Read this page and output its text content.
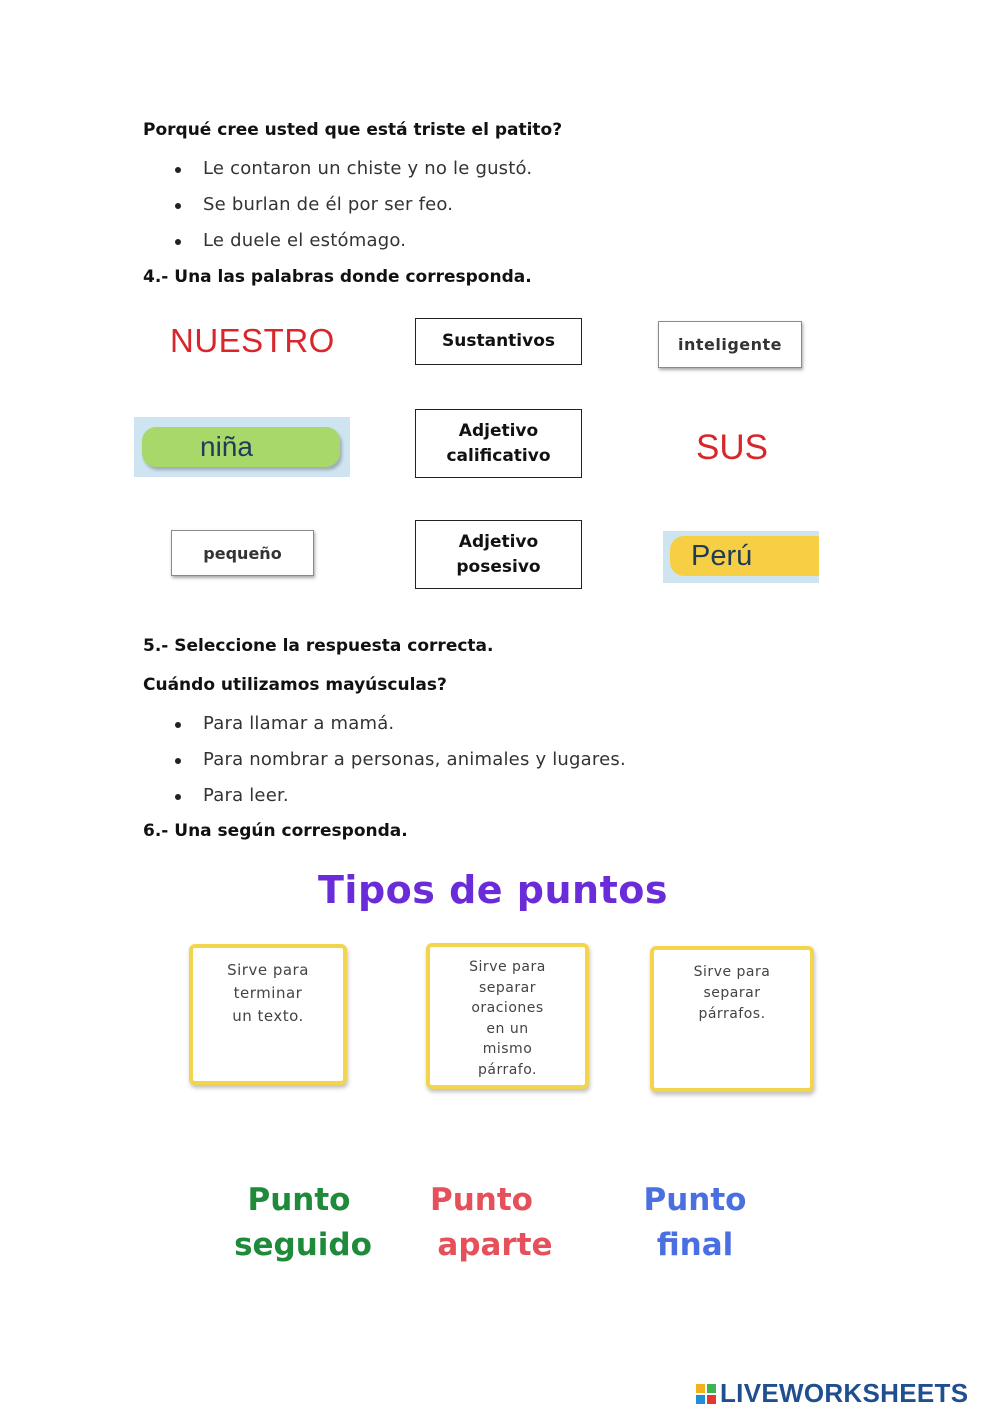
Porqué cree usted que está triste el patito?
Le contaron un chiste y no le gustó.
Se burlan de él por ser feo.
Le duele el estómago.
4.- Una las palabras donde corresponda.
NUESTRO
niña
pequeño
Sustantivos
Adjetivo calificativo
Adjetivo posesivo
inteligente
SUS
Perú
5.- Seleccione la respuesta correcta.
Cuándo utilizamos mayúsculas?
Para llamar a mamá.
Para nombrar a personas, animales y lugares.
Para leer.
6.- Una según corresponda.
Tipos de puntos
Sirve para
terminar
un texto.
Sirve para
separar
oraciones
en un
mismo
párrafo.
Sirve para
separar
párrafos.
Punto
seguido
Punto
aparte
Punto
final
LIVEWORKSHEETS
